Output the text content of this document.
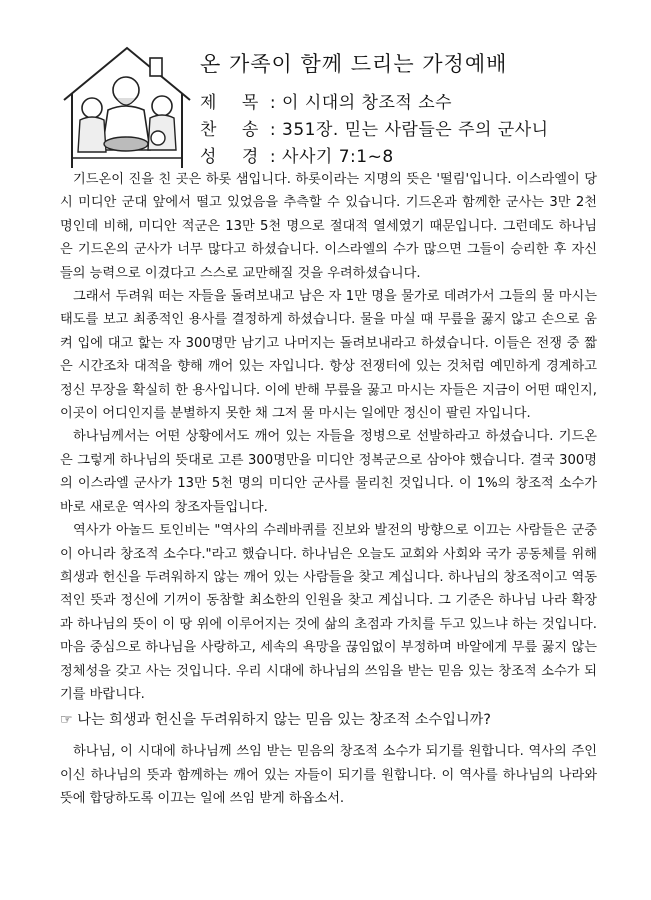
온 가족이 함께 드리는 가정예배
제 목 : 이 시대의 창조적 소수
찬 송 : 351장. 믿는 사람들은 주의 군사니
성 경 : 사사기 7:1~8

기드온이 진을 친 곳은 하롯 샘입니다. 하롯이라는 지명의 뜻은 '떨림'입니다. 이스라엘이 당시 미디안 군대 앞에서 떨고 있었음을 추측할 수 있습니다. 기드온과 함께한 군사는 3만 2천 명인데 비해, 미디안 적군은 13만 5천 명으로 절대적 열세였기 때문입니다. 그런데도 하나님은 기드온의 군사가 너무 많다고 하셨습니다. 이스라엘의 수가 많으면 그들이 승리한 후 자신들의 능력으로 이겼다고 스스로 교만해질 것을 우려하셨습니다.

그래서 두려워 떠는 자들을 돌려보내고 남은 자 1만 명을 물가로 데려가서 그들의 물 마시는 태도를 보고 최종적인 용사를 결정하게 하셨습니다. 물을 마실 때 무릎을 꿇지 않고 손으로 움켜 입에 대고 핥는 자 300명만 남기고 나머지는 돌려보내라고 하셨습니다. 이들은 전쟁 중 짧은 시간조차 대적을 향해 깨어 있는 자입니다. 항상 전쟁터에 있는 것처럼 예민하게 경계하고 정신 무장을 확실히 한 용사입니다. 이에 반해 무릎을 꿇고 마시는 자들은 지금이 어떤 때인지, 이곳이 어디인지를 분별하지 못한 채 그저 물 마시는 일에만 정신이 팔린 자입니다.

하나님께서는 어떤 상황에서도 깨어 있는 자들을 정병으로 선발하라고 하셨습니다. 기드온은 그렇게 하나님의 뜻대로 고른 300명만을 미디안 정복군으로 삼아야 했습니다. 결국 300명의 이스라엘 군사가 13만 5천 명의 미디안 군사를 물리친 것입니다. 이 1%의 창조적 소수가 바로 새로운 역사의 창조자들입니다.

역사가 아놀드 토인비는 "역사의 수레바퀴를 진보와 발전의 방향으로 이끄는 사람들은 군중이 아니라 창조적 소수다."라고 했습니다. 하나님은 오늘도 교회와 사회와 국가 공동체를 위해 희생과 헌신을 두려워하지 않는 깨어 있는 사람들을 찾고 계십니다. 하나님의 창조적이고 역동적인 뜻과 정신에 기꺼이 동참할 최소한의 인원을 찾고 계십니다. 그 기준은 하나님 나라 확장과 하나님의 뜻이 이 땅 위에 이루어지는 것에 삶의 초점과 가치를 두고 있느냐 하는 것입니다. 마음 중심으로 하나님을 사랑하고, 세속의 욕망을 끊임없이 부정하며 바알에게 무릎 꿇지 않는 정체성을 갖고 사는 것입니다. 우리 시대에 하나님의 쓰임을 받는 믿음 있는 창조적 소수가 되기를 바랍니다.

☞ 나는 희생과 헌신을 두려워하지 않는 믿음 있는 창조적 소수입니까?

하나님, 이 시대에 하나님께 쓰임 받는 믿음의 창조적 소수가 되기를 원합니다. 역사의 주인이신 하나님의 뜻과 함께하는 깨어 있는 자들이 되기를 원합니다. 이 역사를 하나님의 나라와 뜻에 합당하도록 이끄는 일에 쓰임 받게 하옵소서.
